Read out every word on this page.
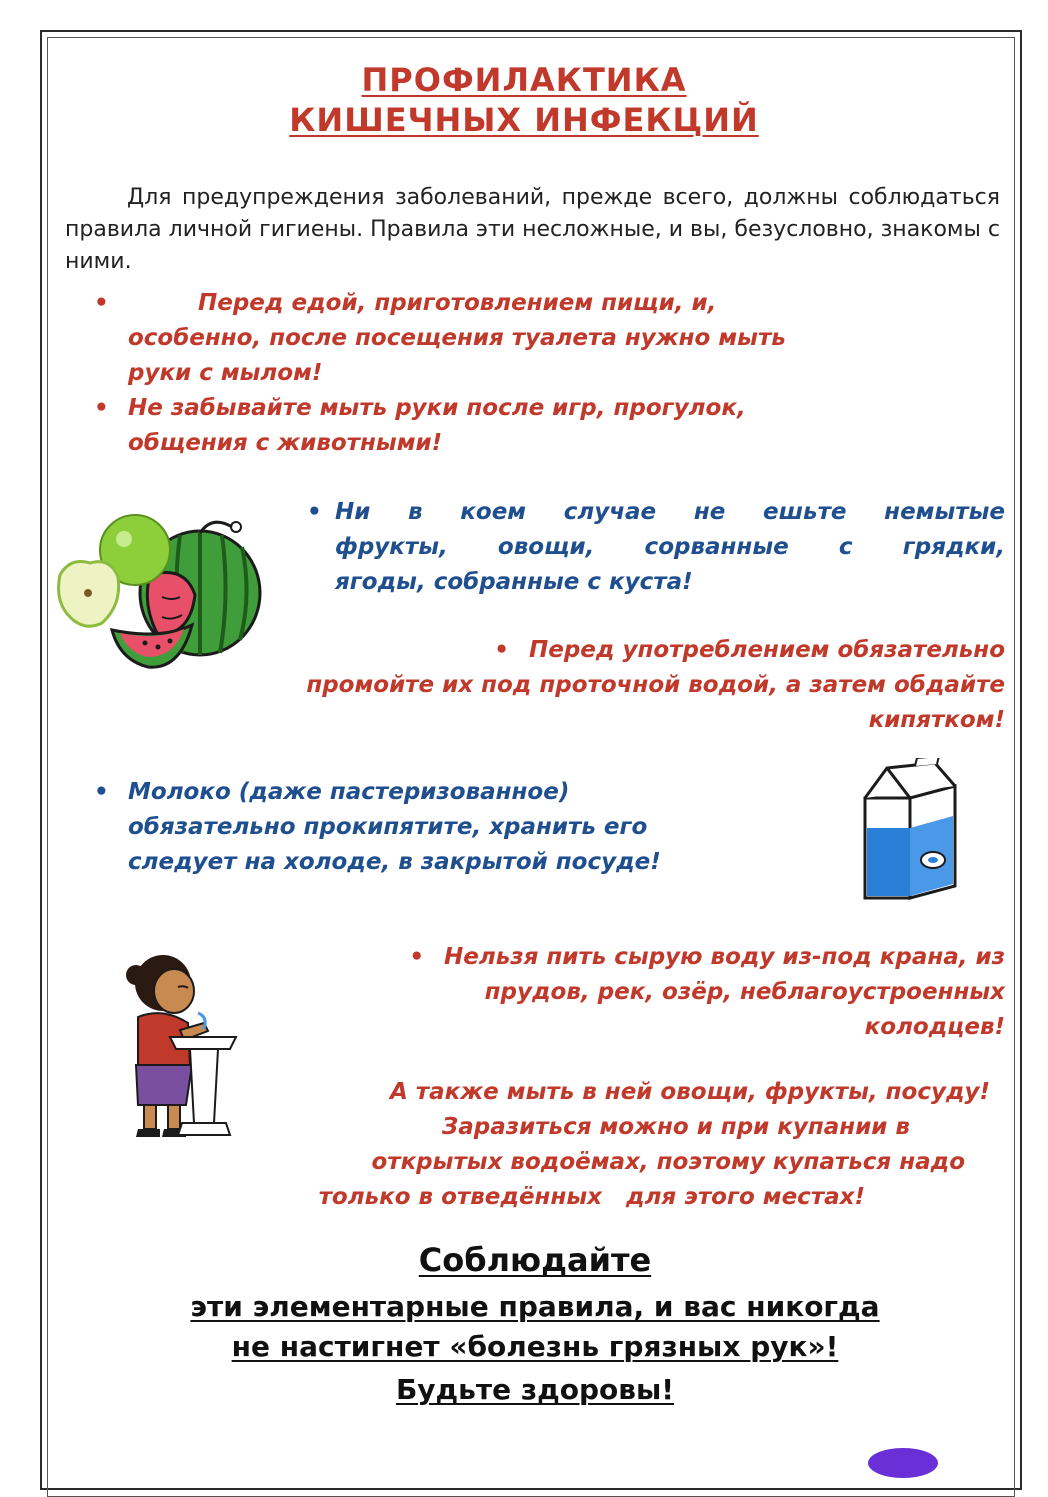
ПРОФИЛАКТИКА
КИШЕЧНЫХ ИНФЕКЦИЙ
Для предупреждения заболеваний, прежде всего, должны соблюдаться правила личной гигиены. Правила эти несложные, и вы, безусловно, знакомы с ними.
•	Перед едой, приготовлением пищи, и,
особенно, после посещения туалета нужно мыть
руки с мылом!
• Не забывайте мыть руки после игр, прогулок,
общения с животными!
• Ни в коем случае не ешьте немытые
фрукты, овощи, сорванные с грядки,
ягоды, собранные с куста!
• Перед употреблением обязательно
промойте их под проточной водой, а затем обдайте
кипятком!
• Молоко (даже пастеризованное)
обязательно прокипятите, хранить его
следует на холоде, в закрытой посуде!
• Нельзя пить сырую воду из-под крана, из
прудов, рек, озёр, неблагоустроенных
колодцев!
А также мыть в ней овощи, фрукты, посуду!
Заразиться можно и при купании в
открытых водоёмах, поэтому купаться надо
только в отведённых   для этого местах!
Соблюдайте
эти элементарные правила, и вас никогда
не настигнет «болезнь грязных рук»!
Будьте здоровы!
